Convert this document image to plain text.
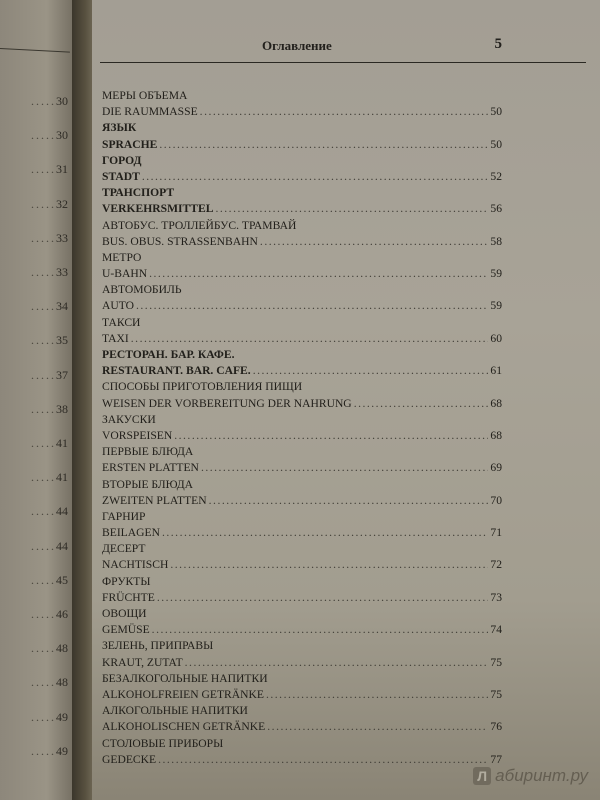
.....30
.....30
.....31
.....32
.....33
.....33
.....34
.....35
.....37
.....38
.....41
.....41
.....44
.....44
.....45
.....46
.....48
.....48
.....49
.....49
Оглавление	5
МЕРЫ ОБЪЕМА
DIE RAUMMASSE .....	50
ЯЗЫК
SPRACHE .....	50
ГОРОД
STADT .....	52
ТРАНСПОРТ
VERKEHRSMITTEL .....	56
АВТОБУС. ТРОЛЛЕЙБУС. ТРАМВАЙ
BUS. OBUS. STRASSENBAHN .....	58
МЕТРО
U-BAHN .....	59
АВТОМОБИЛЬ
AUTO .....	59
ТАКСИ
TAXI .....	60
РЕСТОРАН. БАР. КАФЕ.
RESTAURANT. BAR. CAFE. .....	61
СПОСОБЫ ПРИГОТОВЛЕНИЯ ПИЩИ
WEISEN DER VORBEREITUNG DER NAHRUNG .....	68
ЗАКУСКИ
VORSPEISEN .....	68
ПЕРВЫЕ БЛЮДА
ERSTEN PLATTEN .....	69
ВТОРЫЕ БЛЮДА
ZWEITEN PLATTEN .....	70
ГАРНИР
BEILAGEN .....	71
ДЕСЕРТ
NACHTISCH .....	72
ФРУКТЫ
FRÜCHTE .....	73
ОВОЩИ
GEMÜSE .....	74
ЗЕЛЕНЬ, ПРИПРАВЫ
KRAUT, ZUTAT .....	75
БЕЗАЛКОГОЛЬНЫЕ НАПИТКИ
ALKOHOLFREIEN GETRÄNKE .....	75
АЛКОГОЛЬНЫЕ НАПИТКИ
ALKOHOLISCHEN GETRÄNKE .....	76
СТОЛОВЫЕ ПРИБОРЫ
GEDECKE .....	77
Л абиринт.ру
